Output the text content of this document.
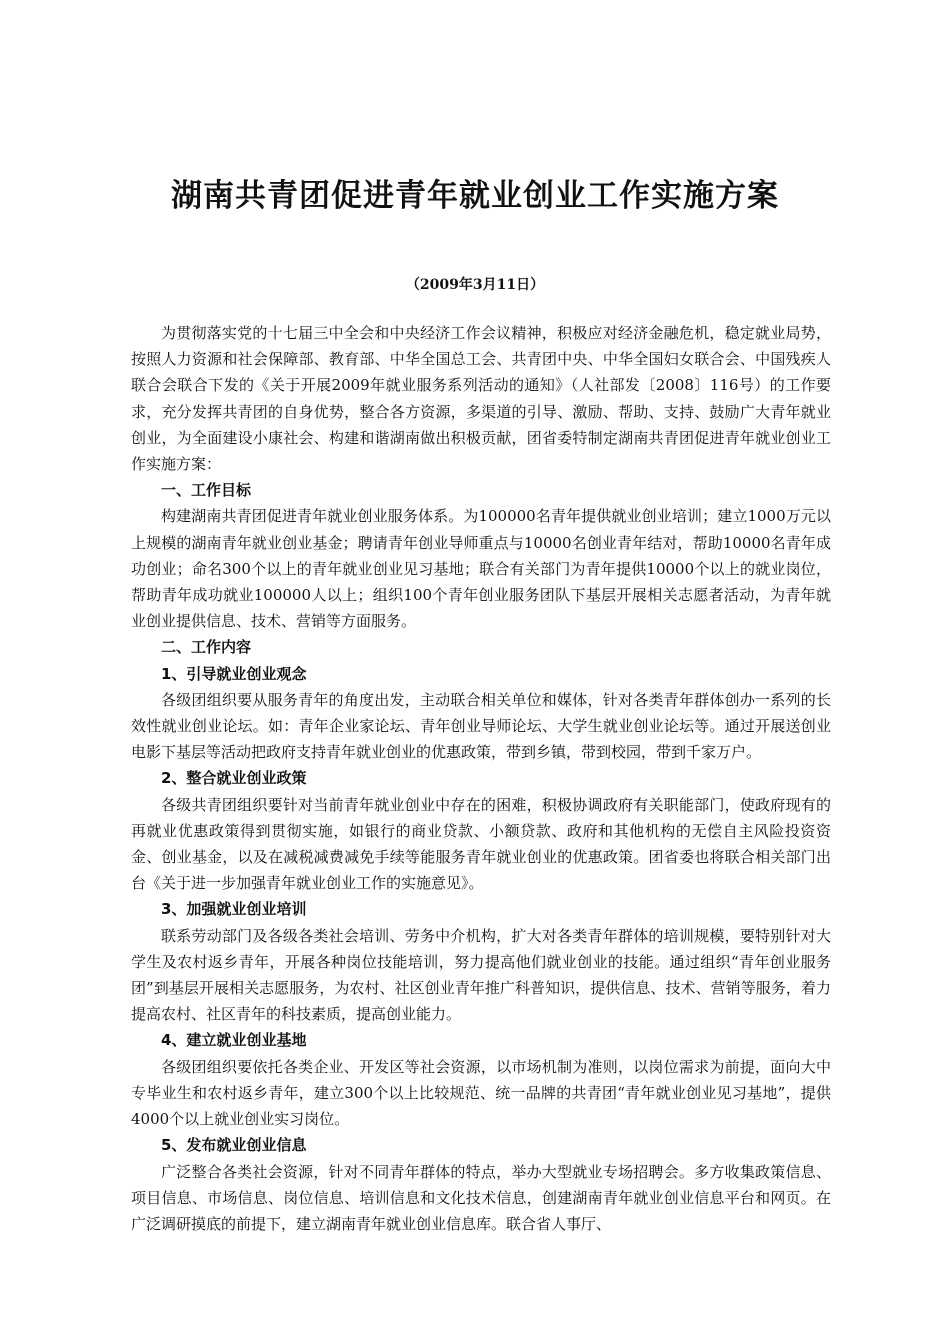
湖南共青团促进青年就业创业工作实施方案

（2009年3月11日）

为贯彻落实党的十七届三中全会和中央经济工作会议精神，积极应对经济金融危机，稳定就业局势，按照人力资源和社会保障部、教育部、中华全国总工会、共青团中央、中华全国妇女联合会、中国残疾人联合会联合下发的《关于开展2009年就业服务系列活动的通知》（人社部发〔2008〕116号）的工作要求，充分发挥共青团的自身优势，整合各方资源，多渠道的引导、激励、帮助、支持、鼓励广大青年就业创业，为全面建设小康社会、构建和谐湖南做出积极贡献，团省委特制定湖南共青团促进青年就业创业工作实施方案：

一、工作目标

构建湖南共青团促进青年就业创业服务体系。为100000名青年提供就业创业培训；建立1000万元以上规模的湖南青年就业创业基金；聘请青年创业导师重点与10000名创业青年结对，帮助10000名青年成功创业；命名300个以上的青年就业创业见习基地；联合有关部门为青年提供10000个以上的就业岗位，帮助青年成功就业100000人以上；组织100个青年创业服务团队下基层开展相关志愿者活动，为青年就业创业提供信息、技术、营销等方面服务。

二、工作内容

1、引导就业创业观念

各级团组织要从服务青年的角度出发，主动联合相关单位和媒体，针对各类青年群体创办一系列的长效性就业创业论坛。如：青年企业家论坛、青年创业导师论坛、大学生就业创业论坛等。通过开展送创业电影下基层等活动把政府支持青年就业创业的优惠政策，带到乡镇，带到校园，带到千家万户。

2、整合就业创业政策

各级共青团组织要针对当前青年就业创业中存在的困难，积极协调政府有关职能部门，使政府现有的再就业优惠政策得到贯彻实施，如银行的商业贷款、小额贷款、政府和其他机构的无偿自主风险投资资金、创业基金，以及在减税减费减免手续等能服务青年就业创业的优惠政策。团省委也将联合相关部门出台《关于进一步加强青年就业创业工作的实施意见》。

3、加强就业创业培训

联系劳动部门及各级各类社会培训、劳务中介机构，扩大对各类青年群体的培训规模，要特别针对大学生及农村返乡青年，开展各种岗位技能培训，努力提高他们就业创业的技能。通过组织“青年创业服务团”到基层开展相关志愿服务，为农村、社区创业青年推广科普知识，提供信息、技术、营销等服务，着力提高农村、社区青年的科技素质，提高创业能力。

4、建立就业创业基地

各级团组织要依托各类企业、开发区等社会资源，以市场机制为准则，以岗位需求为前提，面向大中专毕业生和农村返乡青年，建立300个以上比较规范、统一品牌的共青团“青年就业创业见习基地”，提供4000个以上就业创业实习岗位。

5、发布就业创业信息

广泛整合各类社会资源，针对不同青年群体的特点，举办大型就业专场招聘会。多方收集政策信息、项目信息、市场信息、岗位信息、培训信息和文化技术信息，创建湖南青年就业创业信息平台和网页。在广泛调研摸底的前提下，建立湖南青年就业创业信息库。联合省人事厅、
